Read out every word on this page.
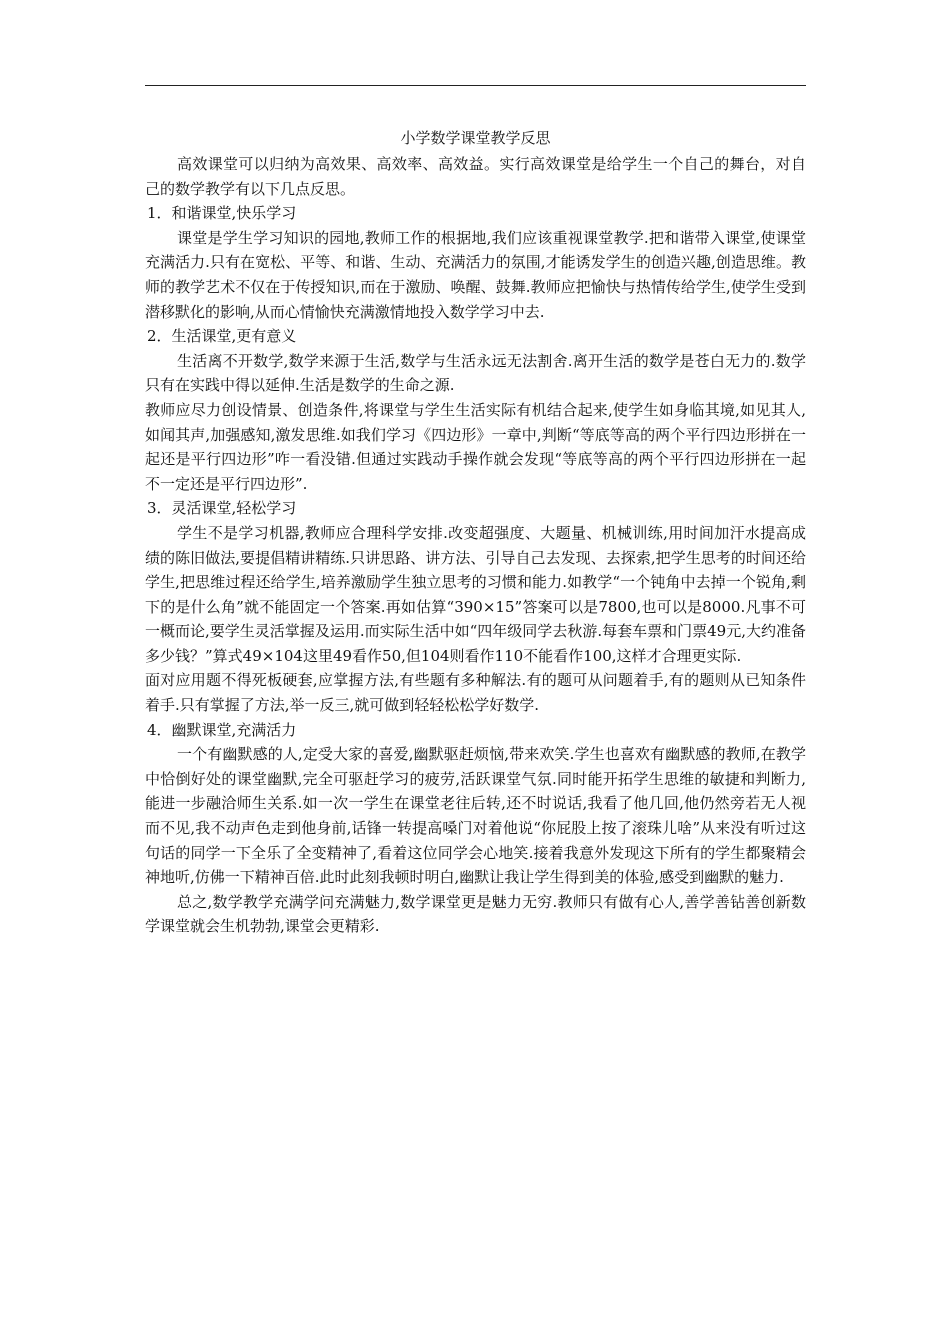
小学数学课堂教学反思

高效课堂可以归纳为高效果、高效率、高效益。实行高效课堂是给学生一个自己的舞台，对自己的数学教学有以下几点反思。

1．和谐课堂,快乐学习

课堂是学生学习知识的园地,教师工作的根据地,我们应该重视课堂教学.把和谐带入课堂,使课堂充满活力.只有在宽松、平等、和谐、生动、充满活力的氛围,才能诱发学生的创造兴趣,创造思维。教师的教学艺术不仅在于传授知识,而在于激励、唤醒、鼓舞.教师应把愉快与热情传给学生,使学生受到潜移默化的影响,从而心情愉快充满激情地投入数学学习中去.

2．生活课堂,更有意义

生活离不开数学,数学来源于生活,数学与生活永远无法割舍.离开生活的数学是苍白无力的.数学只有在实践中得以延伸.生活是数学的生命之源.

教师应尽力创设情景、创造条件,将课堂与学生生活实际有机结合起来,使学生如身临其境,如见其人,如闻其声,加强感知,激发思维.如我们学习《四边形》一章中,判断“等底等高的两个平行四边形拼在一起还是平行四边形”咋一看没错.但通过实践动手操作就会发现“等底等高的两个平行四边形拼在一起不一定还是平行四边形”.

3．灵活课堂,轻松学习

学生不是学习机器,教师应合理科学安排.改变超强度、大题量、机械训练,用时间加汗水提高成绩的陈旧做法,要提倡精讲精练.只讲思路、讲方法、引导自己去发现、去探索,把学生思考的时间还给学生,把思维过程还给学生,培养激励学生独立思考的习惯和能力.如教学“一个钝角中去掉一个锐角,剩下的是什么角”就不能固定一个答案.再如估算“390×15”答案可以是7800,也可以是8000.凡事不可一概而论,要学生灵活掌握及运用.而实际生活中如“四年级同学去秋游.每套车票和门票49元,大约准备多少钱？”算式49×104这里49看作50,但104则看作110不能看作100,这样才合理更实际.

面对应用题不得死板硬套,应掌握方法,有些题有多种解法.有的题可从问题着手,有的题则从已知条件着手.只有掌握了方法,举一反三,就可做到轻轻松松学好数学.

4．幽默课堂,充满活力

一个有幽默感的人,定受大家的喜爱,幽默驱赶烦恼,带来欢笑.学生也喜欢有幽默感的教师,在教学中恰倒好处的课堂幽默,完全可驱赶学习的疲劳,活跃课堂气氛.同时能开拓学生思维的敏捷和判断力,能进一步融洽师生关系.如一次一学生在课堂老往后转,还不时说话,我看了他几回,他仍然旁若无人视而不见,我不动声色走到他身前,话锋一转提高嗓门对着他说“你屁股上按了滚珠儿啥”从来没有听过这句话的同学一下全乐了全变精神了,看着这位同学会心地笑.接着我意外发现这下所有的学生都聚精会神地听,仿佛一下精神百倍.此时此刻我顿时明白,幽默让我让学生得到美的体验,感受到幽默的魅力.

总之,数学教学充满学问充满魅力,数学课堂更是魅力无穷.教师只有做有心人,善学善钻善创新数学课堂就会生机勃勃,课堂会更精彩.
